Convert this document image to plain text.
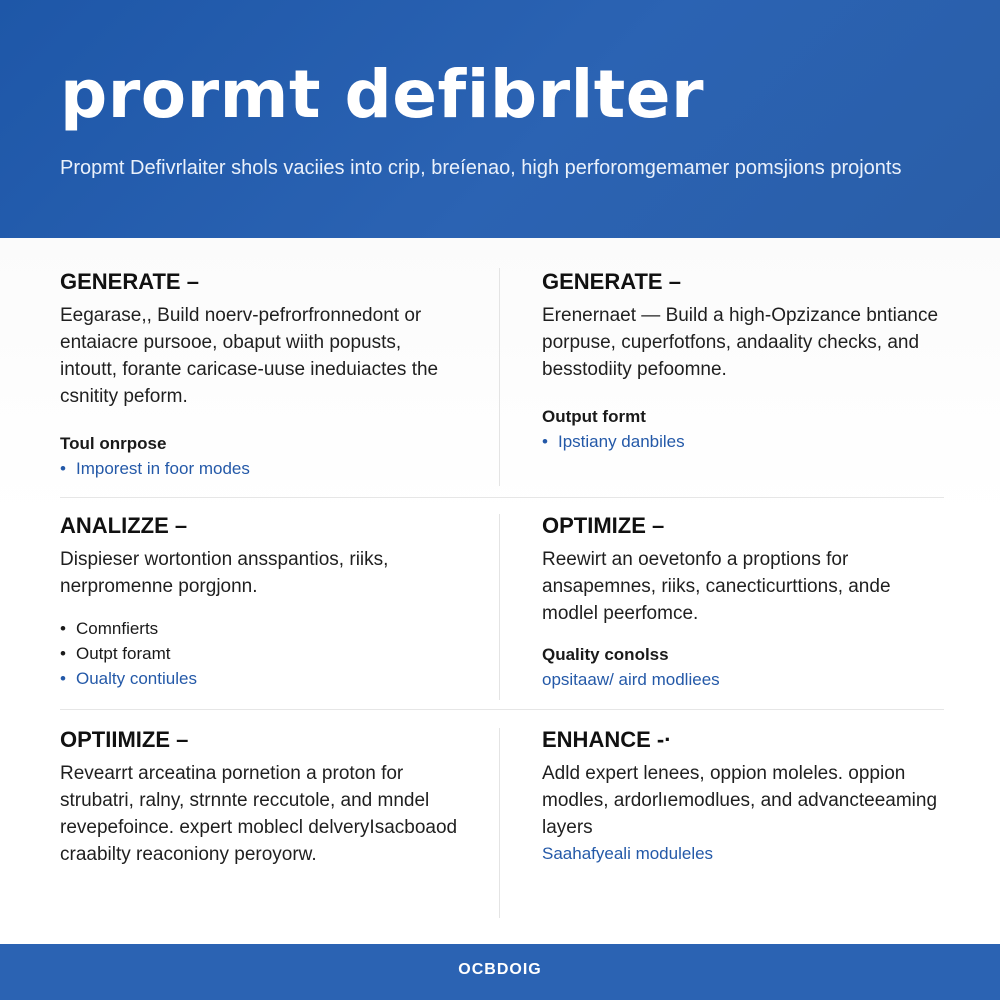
prormt defibrlter

Propmt Defivrlaiter shols vaciies into crip, breíenao, high perforomgemamer pomsjions projonts

GENERATE –

Eegarase,, Build noerv-pefrorfronnedont or entaiacre pursooe, obaput wiith popusts, intoutt, forante caricase-uuse ineduiactes the csnitity peform.

Toul onrpose

• Imporest in foor modes
GENERATE –

Erenernaet — Build a high-Opzizance bntiance porpuse, cuperfotfons, andaality checks, and besstodiity pefoomne.

Output formt

• Ipstiany danbiles
ANALIZZE –

Dispieser wortontion ansspantios, riiks, nerpromenne porgjonn.

• Comnfierts
• Outpt foramt
• Oualty contiules
OPTIMIZE –

Reewirt an oevetonfo a proptions for ansapemnes, riiks, canecticurttions, ande modlel peerfomce.

Quality conolss

opsitaaw/ aird modliees

OPTIIMIZE –

Revearrt arceatina pornetion a proton for strubatri, ralny, strnnte reccutole, and mndel revepefoince. expert moblecl delveryIsacboaod craabilty reaconiony peroyorw.

ENHANCE -·

Adld expert lenees, oppion moleles. oppion modles, ardorlıemodlues, and advancteeaming layers

Saahafyeali moduleles

OCBDOIG
